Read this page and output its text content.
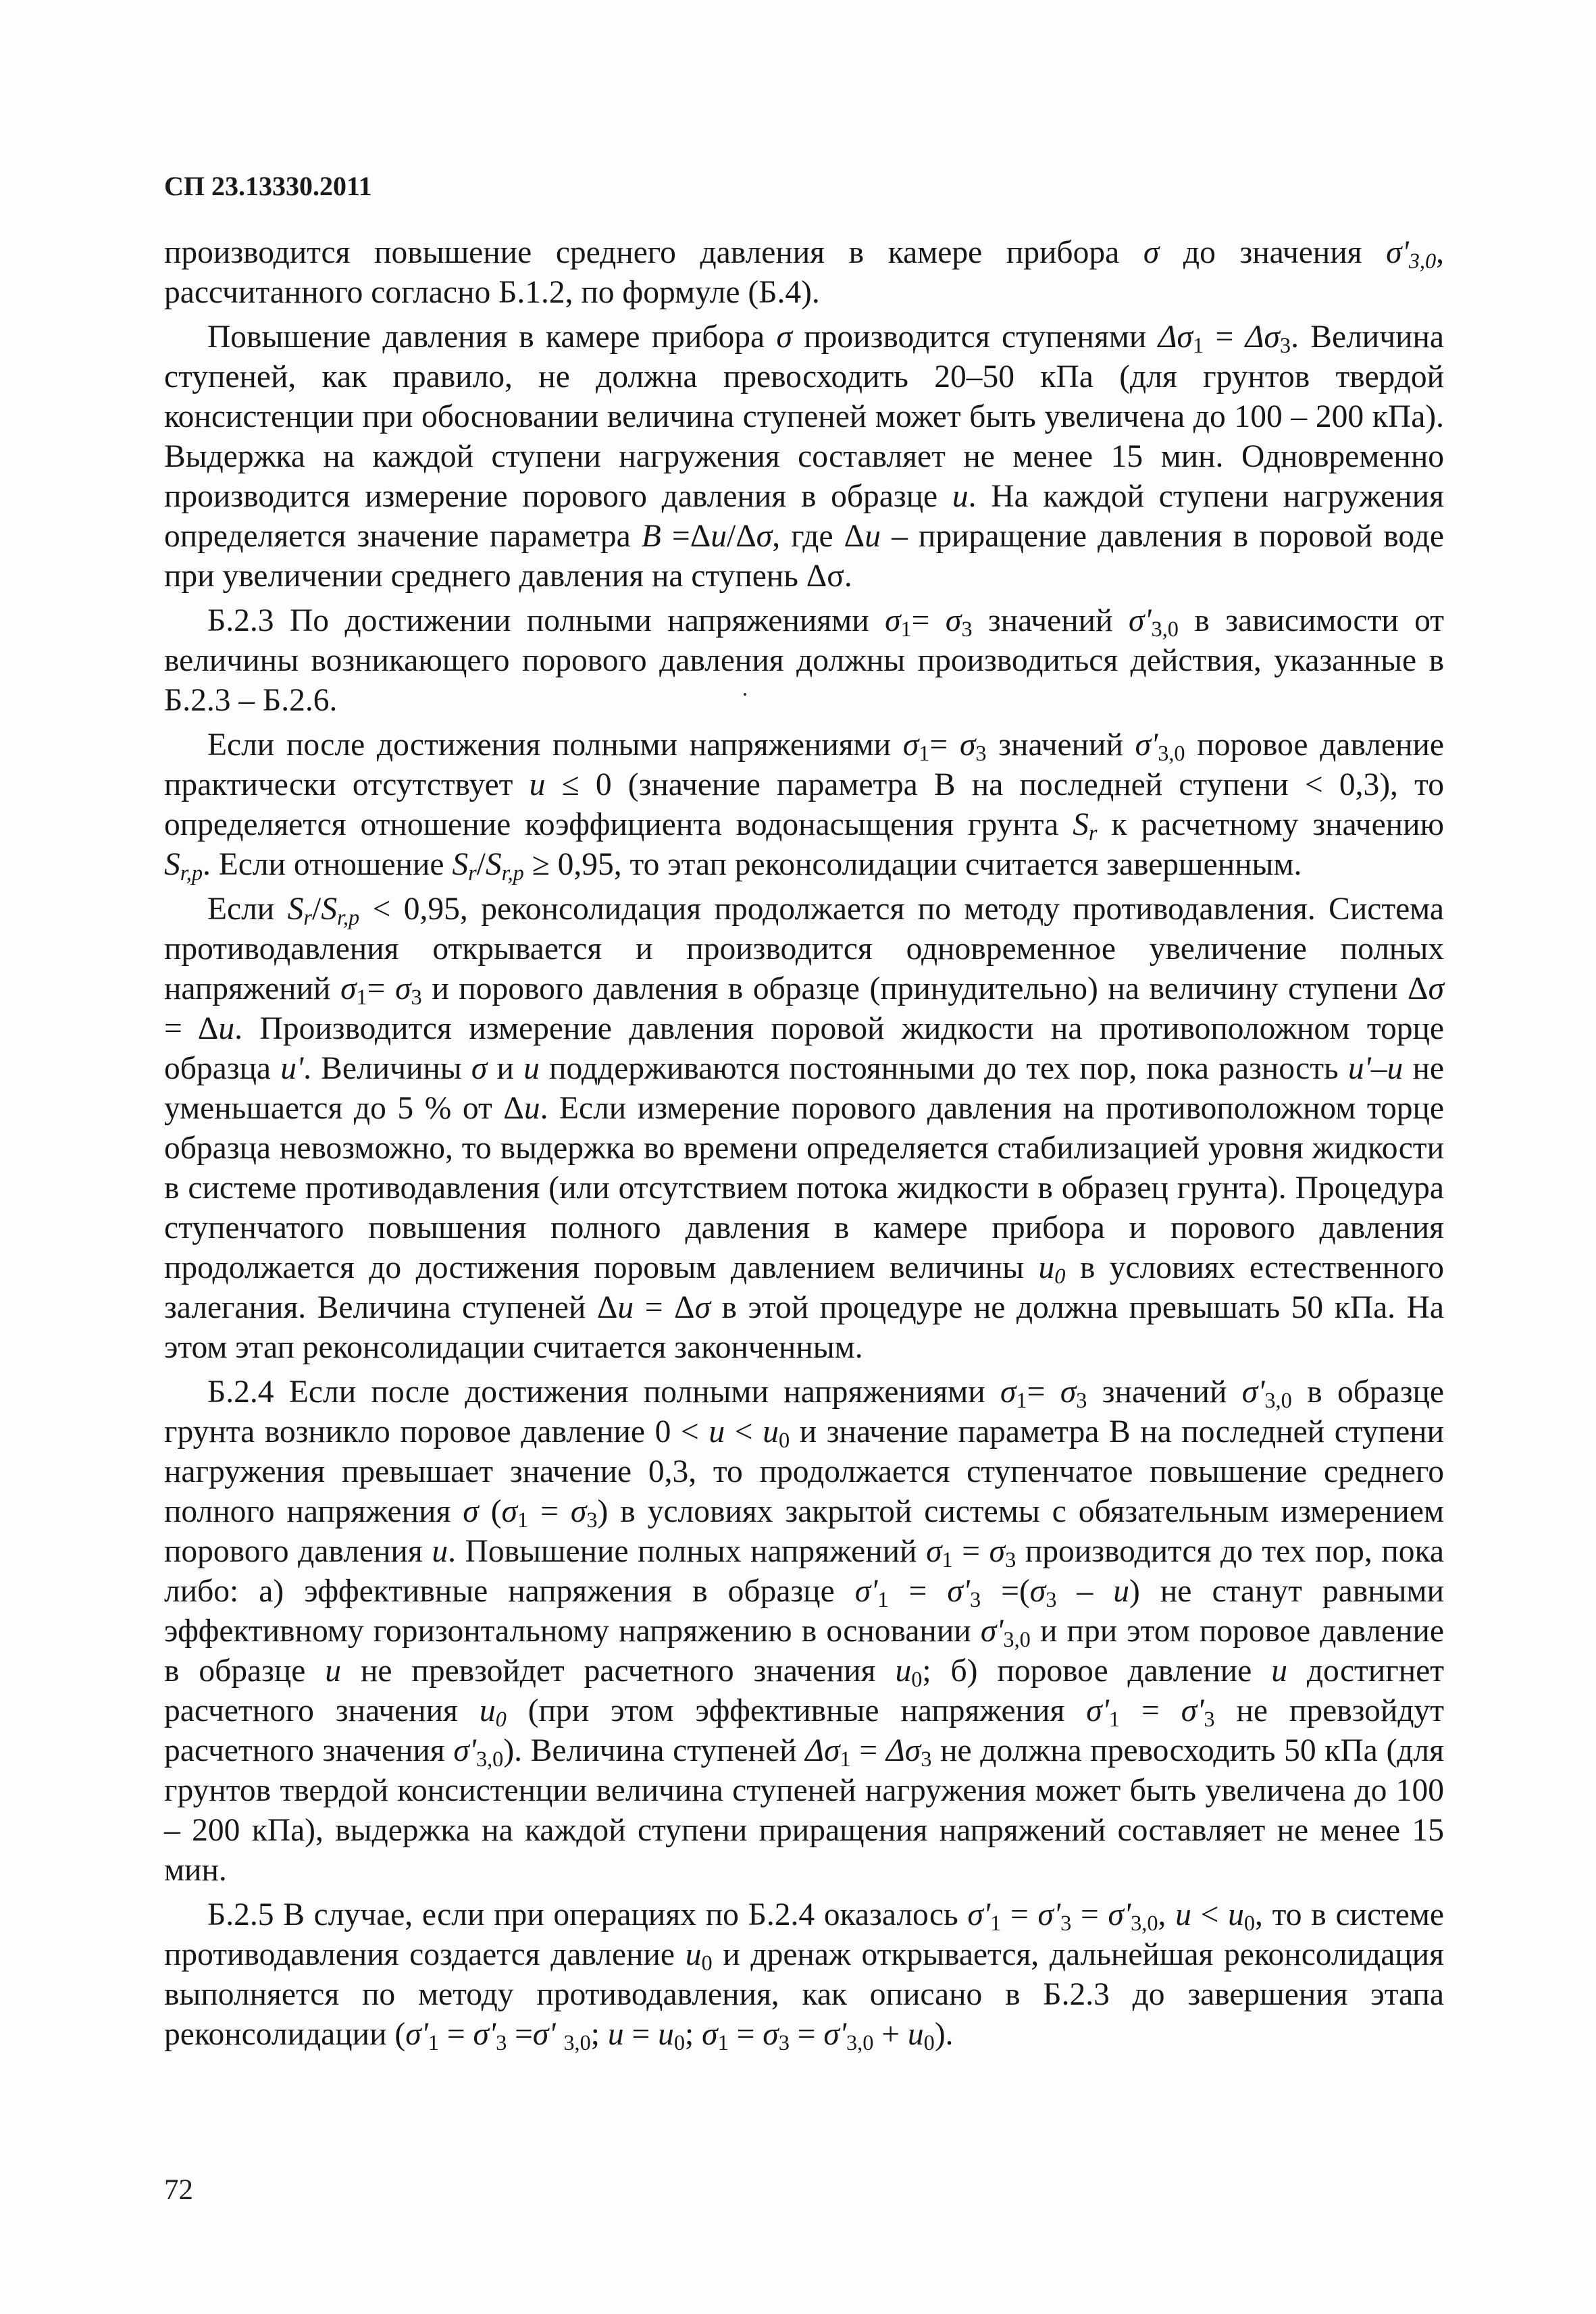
СП 23.13330.2011

производится повышение среднего давления в камере прибора σ до значения $\sigma'_{3,0}$, рассчитанного согласно Б.1.2, по формуле (Б.4).

Повышение давления в камере прибора σ производится ступенями $\Delta\sigma_1 = \Delta\sigma_3$. Величина ступеней, как правило, не должна превосходить 20–50 кПа (для грунтов твердой консистенции при обосновании величина ступеней может быть увеличена до 100 – 200 кПа). Выдержка на каждой ступени нагружения составляет не менее 15 мин. Одновременно производится измерение порового давления в образце u. На каждой ступени нагружения определяется значение параметра B =Δu/Δσ, где Δu – приращение давления в поровой воде при увеличении среднего давления на ступень Δσ.

Б.2.3 По достижении полными напряжениями $\sigma_1= \sigma_3$ значений $\sigma'_{3,0}$ в зависимости от величины возникающего порового давления должны производиться действия, указанные в Б.2.3 – Б.2.6.

Если после достижения полными напряжениями $\sigma_1= \sigma_3$ значений $\sigma'_{3,0}$ поровое давление практически отсутствует u ≤ 0 (значение параметра В на последней ступени < 0,3), то определяется отношение коэффициента водонасыщения грунта $S_r$ к расчетному значению $S_{r,p}$. Если отношение $S_r/S_{r,p} \ge 0,95$, то этап реконсолидации считается завершенным.

Если $S_r/S_{r,p} < 0,95$, реконсолидация продолжается по методу противодавления. Система противодавления открывается и производится одновременное увеличение полных напряжений $\sigma_1= \sigma_3$ и порового давления в образце (принудительно) на величину ступени Δσ = Δu. Производится измерение давления поровой жидкости на противоположном торце образца u'. Величины σ и u поддерживаются постоянными до тех пор, пока разность u'–u не уменьшается до 5 % от Δu. Если измерение порового давления на противоположном торце образца невозможно, то выдержка во времени определяется стабилизацией уровня жидкости в системе противодавления (или отсутствием потока жидкости в образец грунта). Процедура ступенчатого повышения полного давления в камере прибора и порового давления продолжается до достижения поровым давлением величины $u_0$ в условиях естественного залегания. Величина ступеней Δu = Δσ в этой процедуре не должна превышать 50 кПа. На этом этап реконсолидации считается законченным.

Б.2.4 Если после достижения полными напряжениями $\sigma_1= \sigma_3$ значений $\sigma'_{3,0}$ в образце грунта возникло поровое давление $0 < u < u_0$ и значение параметра В на последней ступени нагружения превышает значение 0,3, то продолжается ступенчатое повышение среднего полного напряжения σ $(\sigma_1 = \sigma_3)$ в условиях закрытой системы с обязательным измерением порового давления u. Повышение полных напряжений $\sigma_1 = \sigma_3$ производится до тех пор, пока либо: а) эффективные напряжения в образце $\sigma'_1 = \sigma'_3 =(\sigma_3 - u)$ не станут равными эффективному горизонтальному напряжению в основании $\sigma'_{3,0}$ и при этом поровое давление в образце u не превзойдет расчетного значения $u_0$; б) поровое давление u достигнет расчетного значения $u_0$ (при этом эффективные напряжения $\sigma'_1 = \sigma'_3$ не превзойдут расчетного значения $\sigma'_{3,0}$). Величина ступеней $\Delta\sigma_1 = \Delta\sigma_3$ не должна превосходить 50 кПа (для грунтов твердой консистенции величина ступеней нагружения может быть увеличена до 100 – 200 кПа), выдержка на каждой ступени приращения напряжений составляет не менее 15 мин.

Б.2.5 В случае, если при операциях по Б.2.4 оказалось $\sigma'_1 = \sigma'_3 = \sigma'_{3,0}$, $u < u_0$, то в системе противодавления создается давление $u_0$ и дренаж открывается, дальнейшая реконсолидация выполняется по методу противодавления, как описано в Б.2.3 до завершения этапа реконсолидации ($\sigma'_1 = \sigma'_3 =\sigma'$ $_{3,0}$; $u = u_0$; $\sigma_1 = \sigma_3 = \sigma'_{3,0} + u_0$).

72
